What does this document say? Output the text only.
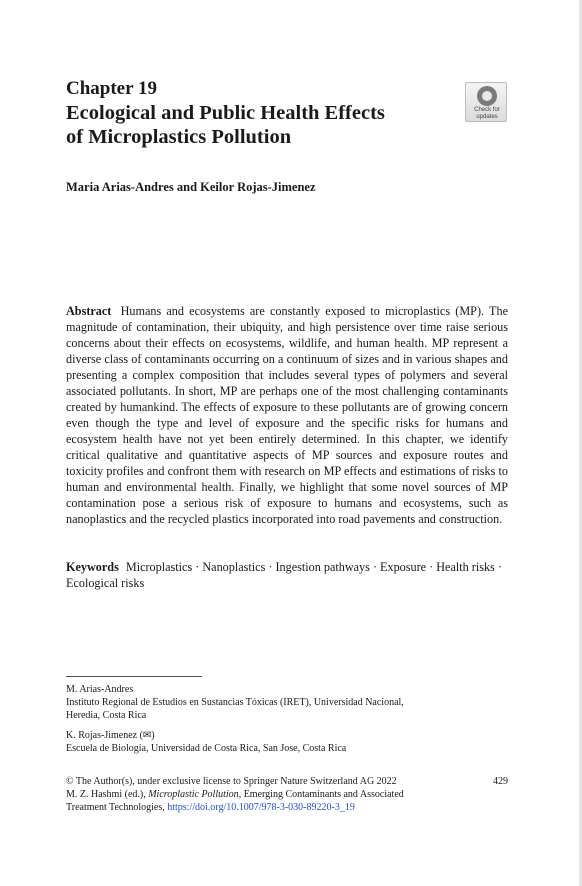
Chapter 19
Ecological and Public Health Effects
of Microplastics Pollution
Check for
updates
Maria Arias-Andres and Keilor Rojas-Jimenez
Abstract Humans and ecosystems are constantly exposed to microplastics (MP). The magnitude of contamination, their ubiquity, and high persistence over time raise serious concerns about their effects on ecosystems, wildlife, and human health. MP represent a diverse class of contaminants occurring on a continuum of sizes and in various shapes and presenting a complex composition that includes several types of polymers and several associated pollutants. In short, MP are perhaps one of the most challenging contaminants created by humankind. The effects of exposure to these pollutants are of growing concern even though the type and level of exposure and the specific risks for humans and ecosystem health have not yet been entirely determined. In this chapter, we identify critical qualitative and quantitative aspects of MP sources and exposure routes and toxicity profiles and confront them with research on MP effects and estimations of risks to human and environmental health. Finally, we highlight that some novel sources of MP contamination pose a serious risk of exposure to humans and ecosystems, such as nanoplastics and the recycled plastics incorporated into road pavements and construction.
Keywords Microplastics · Nanoplastics · Ingestion pathways · Exposure · Health risks · Ecological risks
M. Arias-Andres
Instituto Regional de Estudios en Sustancias Tóxicas (IRET), Universidad Nacional,
Heredia, Costa Rica
K. Rojas-Jimenez (✉)
Escuela de Biología, Universidad de Costa Rica, San Jose, Costa Rica
© The Author(s), under exclusive license to Springer Nature Switzerland AG 2022
M. Z. Hashmi (ed.), Microplastic Pollution, Emerging Contaminants and Associated
Treatment Technologies, https://doi.org/10.1007/978-3-030-89220-3_19
429
